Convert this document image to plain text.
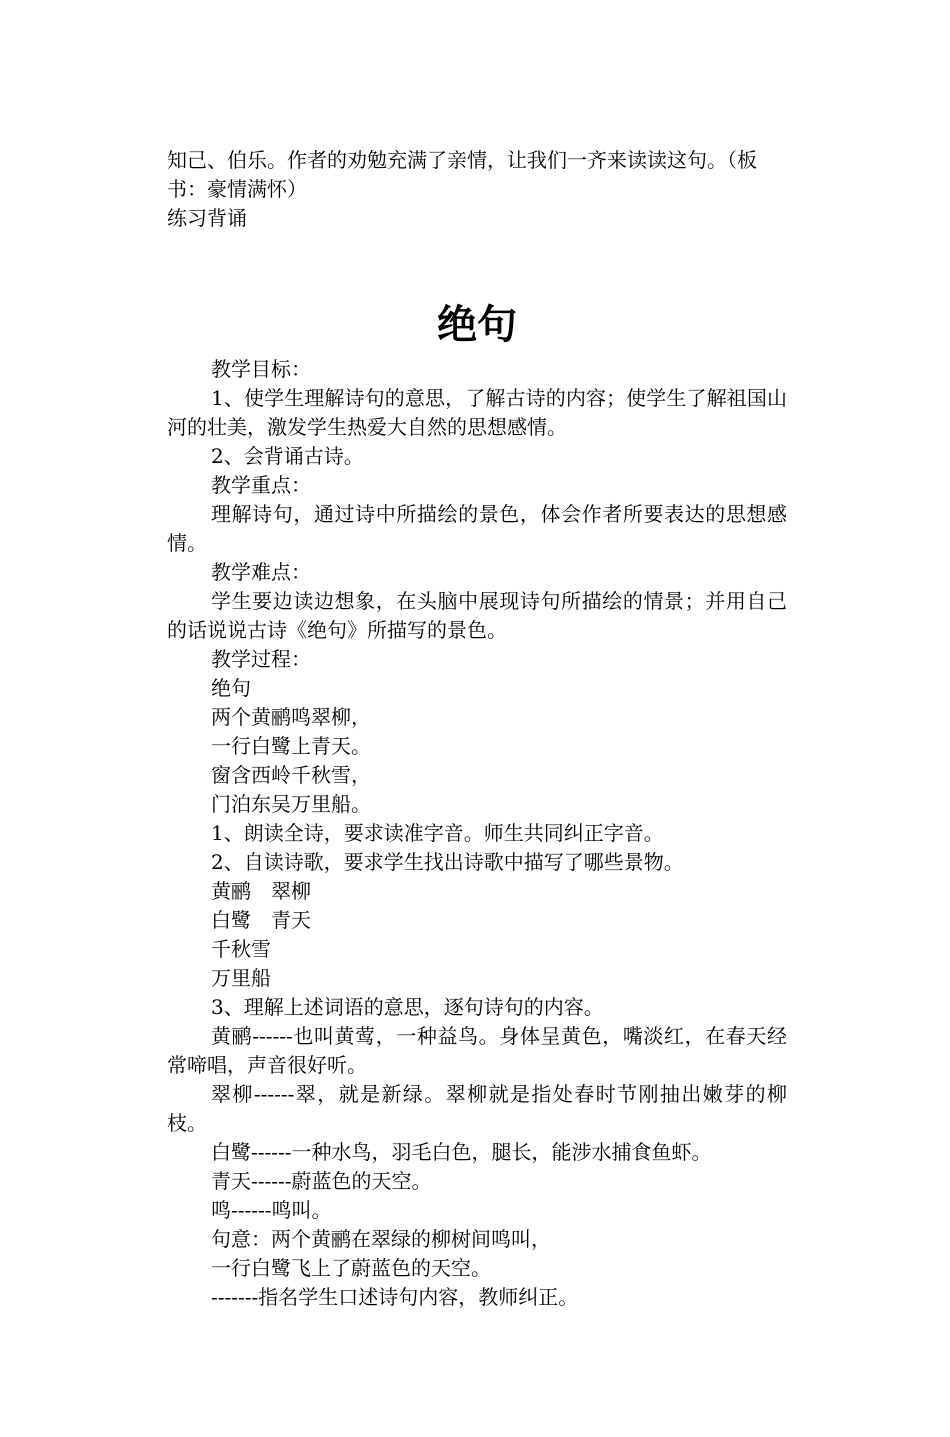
知己、伯乐。作者的劝勉充满了亲情，让我们一齐来读读这句。（板书：豪情满怀）

练习背诵

绝句

教学目标：

1、使学生理解诗句的意思，了解古诗的内容；使学生了解祖国山河的壮美，激发学生热爱大自然的思想感情。

2、会背诵古诗。

教学重点：

理解诗句，通过诗中所描绘的景色，体会作者所要表达的思想感情。

教学难点：

学生要边读边想象，在头脑中展现诗句所描绘的情景；并用自己的话说说古诗《绝句》所描写的景色。

教学过程：

绝句

两个黄鹂鸣翠柳，

一行白鹭上青天。

窗含西岭千秋雪，

门泊东吴万里船。

1、朗读全诗，要求读准字音。师生共同纠正字音。

2、自读诗歌，要求学生找出诗歌中描写了哪些景物。

黄鹂　翠柳

白鹭　青天

千秋雪

万里船

3、理解上述词语的意思，逐句诗句的内容。

黄鹂------也叫黄莺，一种益鸟。身体呈黄色，嘴淡红，在春天经常啼唱，声音很好听。

翠柳------翠，就是新绿。翠柳就是指处春时节刚抽出嫩芽的柳枝。

白鹭------一种水鸟，羽毛白色，腿长，能涉水捕食鱼虾。

青天------蔚蓝色的天空。

鸣------鸣叫。

句意：两个黄鹂在翠绿的柳树间鸣叫，

一行白鹭飞上了蔚蓝色的天空。

-------指名学生口述诗句内容，教师纠正。
